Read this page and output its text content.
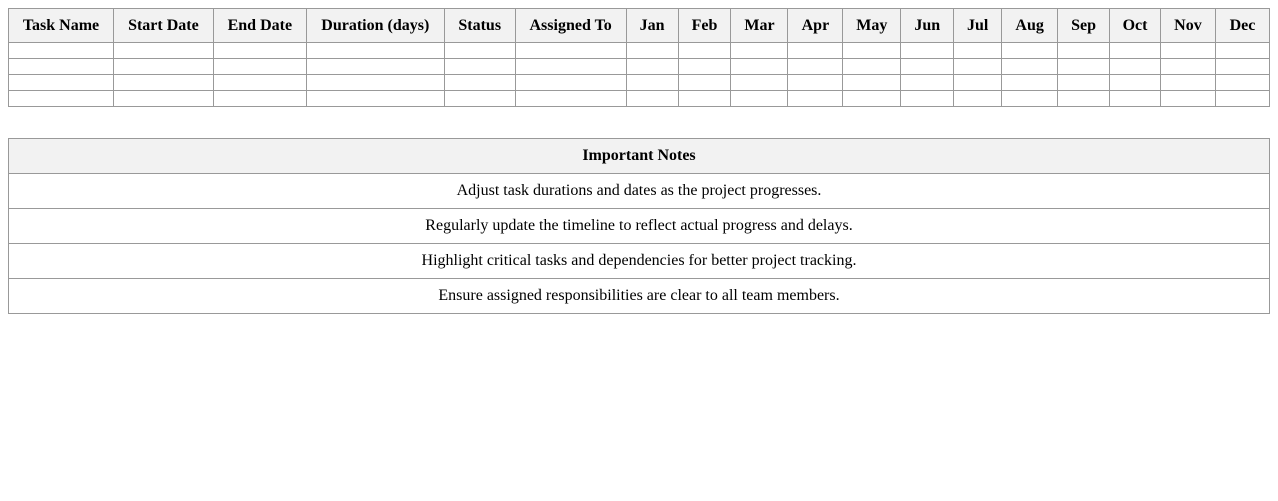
Task Name	Start Date	End Date	Duration (days)	Status	Assigned To	Jan	Feb	Mar	Apr	May	Jun	Jul	Aug	Sep	Oct	Nov	Dec

Important Notes
Adjust task durations and dates as the project progresses.
Regularly update the timeline to reflect actual progress and delays.
Highlight critical tasks and dependencies for better project tracking.
Ensure assigned responsibilities are clear to all team members.
